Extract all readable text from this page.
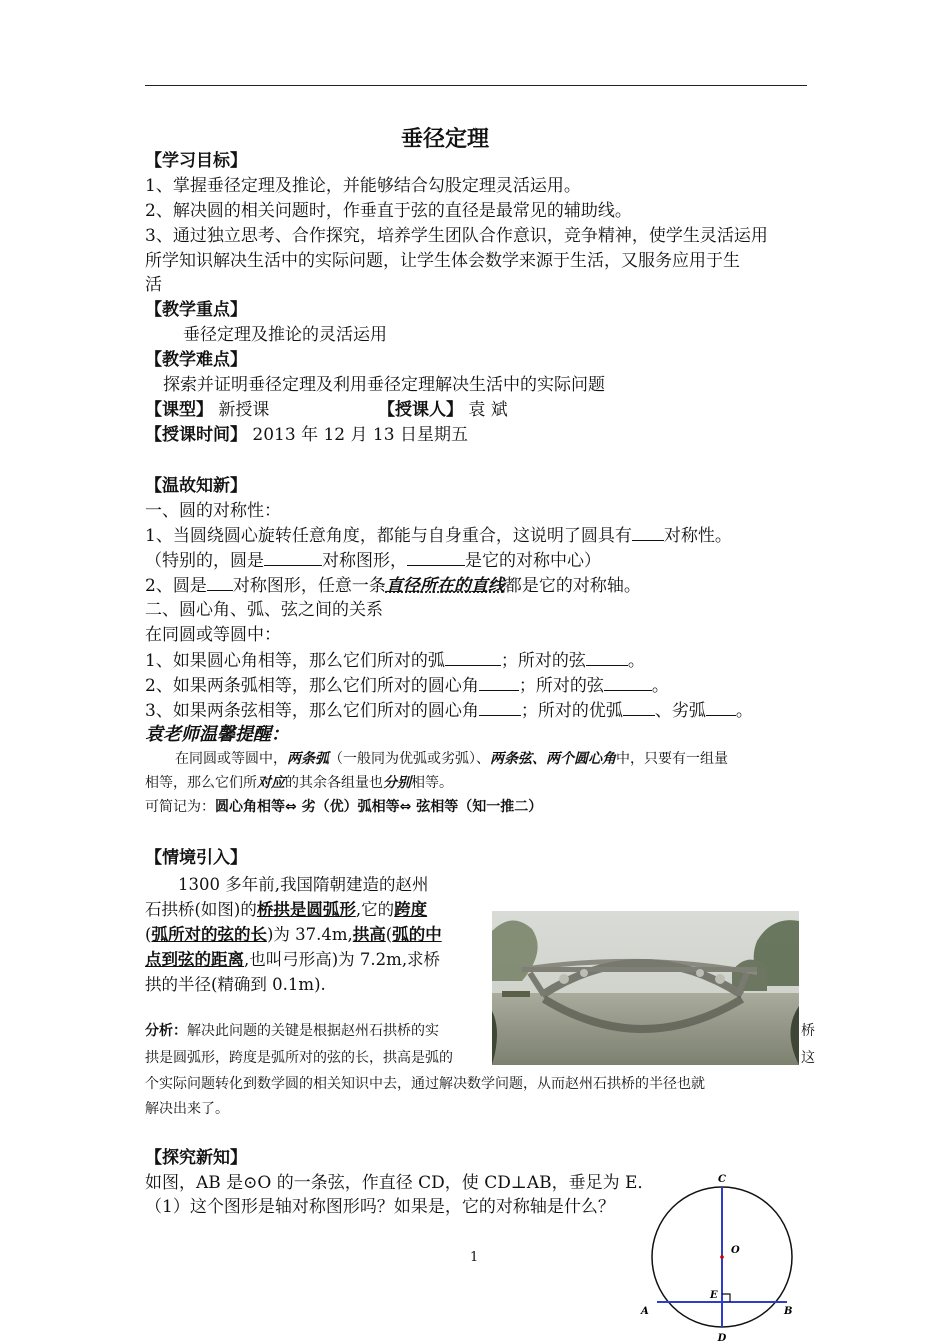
垂径定理
【学习目标】
1、掌握垂径定理及推论，并能够结合勾股定理灵活运用。
2、解决圆的相关问题时，作垂直于弦的直径是最常见的辅助线。
3、通过独立思考、合作探究，培养学生团队合作意识，竞争精神，使学生灵活运用
所学知识解决生活中的实际问题，让学生体会数学来源于生活，又服务应用于生
活
【教学重点】
垂径定理及推论的灵活运用
【教学难点】
探索并证明垂径定理及利用垂径定理解决生活中的实际问题
【课型】 新授课	【授课人】 袁 斌
【授课时间】 2013 年 12 月 13 日星期五
【温故知新】
一、圆的对称性：
1、当圆绕圆心旋转任意角度，都能与自身重合，这说明了圆具有 对称性。
（特别的，圆是	对称图形，	是它的对称中心）
2、圆是 对称图形，任意一条直径所在的直线都是它的对称轴。
二、圆心角、弧、弦之间的关系
在同圆或等圆中：
1、如果圆心角相等，那么它们所对的弧	；所对的弦 。
2、如果两条弧相等，那么它们所对的圆心角 ；所对的弦	。
3、如果两条弦相等，那么它们所对的圆心角 ；所对的优弧 、劣弧 。
袁老师温馨提醒：
在同圆或等圆中，两条弧（一般同为优弧或劣弧）、两条弦、两个圆心角中，只要有一组量
相等，那么它们所对应的其余各组量也分别相等。
可简记为：圆心角相等⇔ 劣（优）弧相等⇔ 弦相等（知一推二）
【情境引入】
1300 多年前,我国隋朝建造的赵州
石拱桥(如图)的桥拱是圆弧形,它的跨度
(弧所对的弦的长)为 37.4m,拱高(弧的中
点到弦的距离,也叫弓形高)为 7.2m,求桥
拱的半径(精确到 0.1m).
分析：解决此问题的关键是根据赵州石拱桥的实	桥
拱是圆弧形，跨度是弧所对的弦的长，拱高是弧的	这
个实际问题转化到数学圆的相关知识中去，通过解决数学问题，从而赵州石拱桥的半径也就
解决出来了。
【探究新知】
如图，AB 是⊙O 的一条弦，作直径 CD，使 CD⊥AB，垂足为 E．
（1）这个图形是轴对称图形吗？如果是，它的对称轴是什么？
1
C
O
E
A	B
D
